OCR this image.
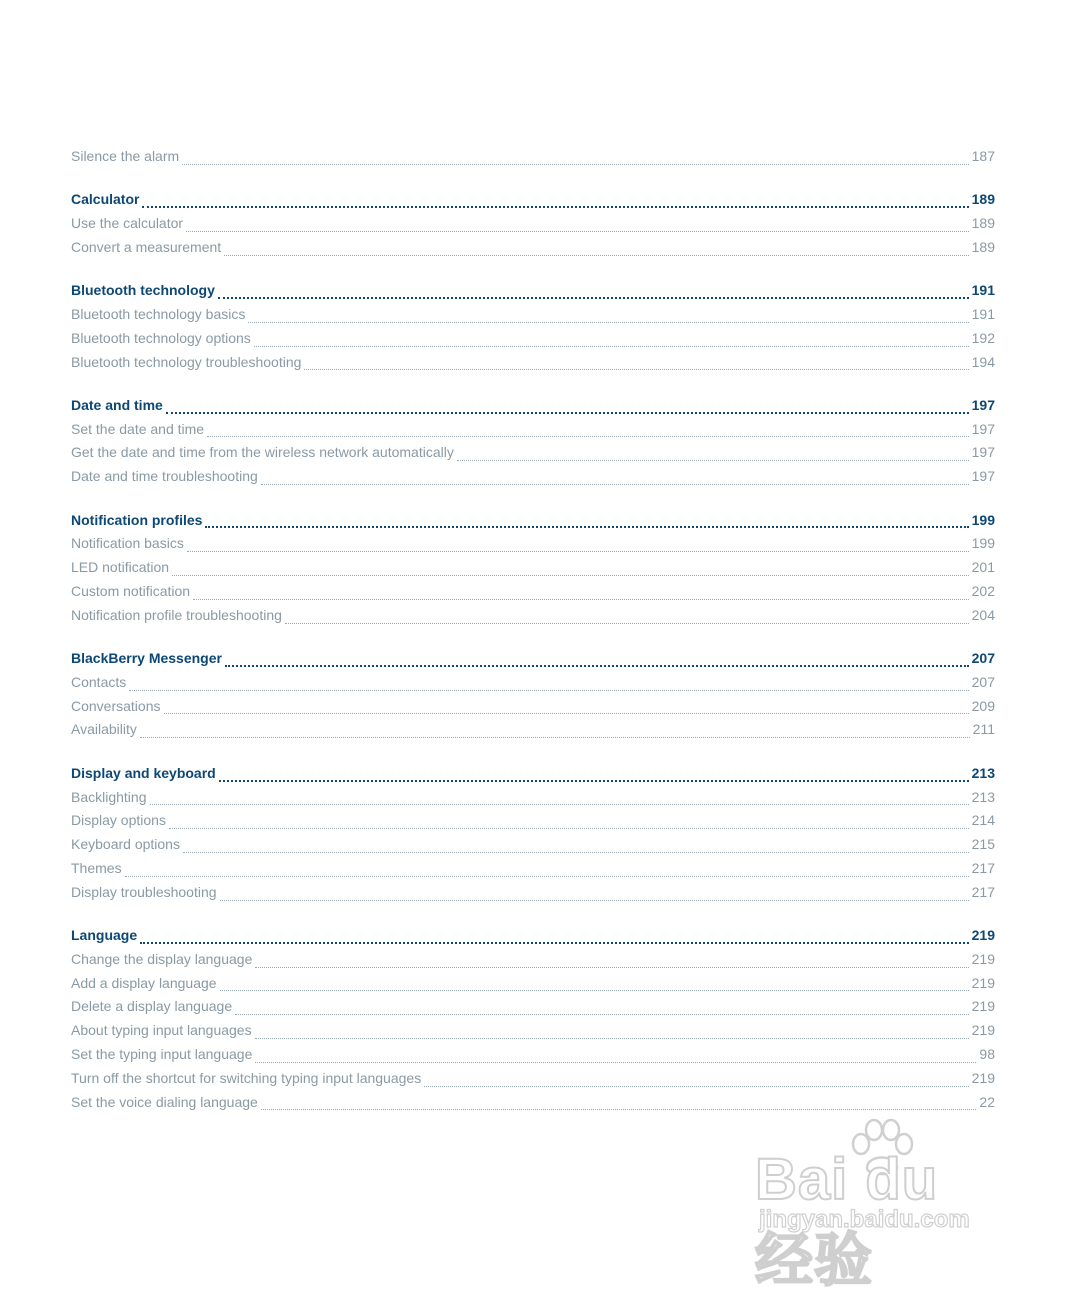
Silence the alarm	187
Calculator	189
Use the calculator	189
Convert a measurement	189
Bluetooth technology	191
Bluetooth technology basics	191
Bluetooth technology options	192
Bluetooth technology troubleshooting	194
Date and time	197
Set the date and time	197
Get the date and time from the wireless network automatically	197
Date and time troubleshooting	197
Notification profiles	199
Notification basics	199
LED notification	201
Custom notification	202
Notification profile troubleshooting	204
BlackBerry Messenger	207
Contacts	207
Conversations	209
Availability	211
Display and keyboard	213
Backlighting	213
Display options	214
Keyboard options	215
Themes	217
Display troubleshooting	217
Language	219
Change the display language	219
Add a display language	219
Delete a display language	219
About typing input languages	219
Set the typing input language	98
Turn off the shortcut for switching typing input languages	219
Set the voice dialing language	22
Bai du 经验
jingyan.baidu.com
